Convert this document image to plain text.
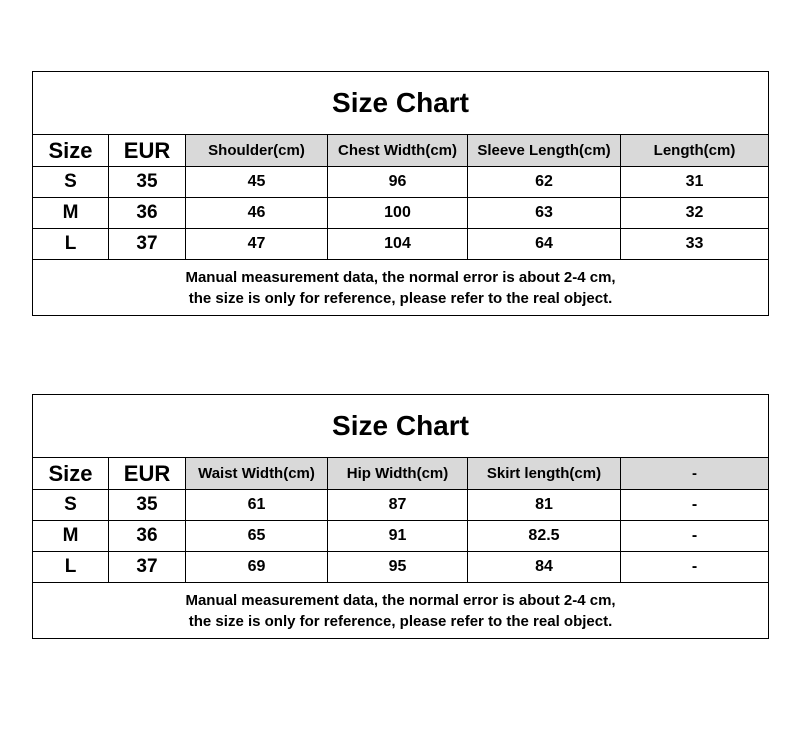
Size Chart					
Size	EUR	Shoulder(cm)	Chest Width(cm)	Sleeve Length(cm)	Length(cm)
S	35	45	96	62	31
M	36	46	100	63	32
L	37	47	104	64	33

Manual measurement data, the normal error is about 2-4 cm,
the size is only for reference, please refer to the real object.					
Size Chart					
Size	EUR	Waist Width(cm)	Hip Width(cm)	Skirt length(cm)	-
S	35	61	87	81	-
M	36	65	91	82.5	-
L	37	69	95	84	-

Manual measurement data, the normal error is about 2-4 cm,
the size is only for reference, please refer to the real object.					
